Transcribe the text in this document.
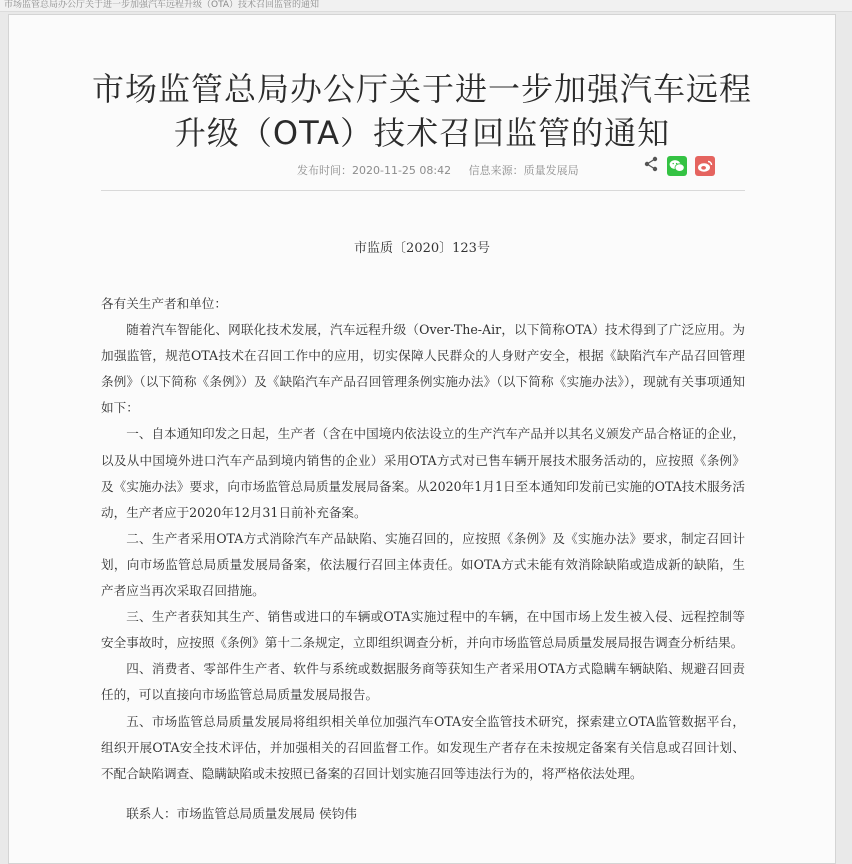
市场监管总局办公厅关于进一步加强汽车远程升级（OTA）技术召回监管的通知
市场监管总局办公厅关于进一步加强汽车远程
升级（OTA）技术召回监管的通知
发布时间：2020-11-25 08:42 信息来源：质量发展局
市监质〔2020〕123号

各有关生产者和单位：

随着汽车智能化、网联化技术发展，汽车远程升级（Over-The-Air，以下简称OTA）技术得到了广泛应用。为加强监管，规范OTA技术在召回工作中的应用，切实保障人民群众的人身财产安全，根据《缺陷汽车产品召回管理条例》（以下简称《条例》）及《缺陷汽车产品召回管理条例实施办法》（以下简称《实施办法》），现就有关事项通知如下：

一、自本通知印发之日起，生产者（含在中国境内依法设立的生产汽车产品并以其名义颁发产品合格证的企业，以及从中国境外进口汽车产品到境内销售的企业）采用OTA方式对已售车辆开展技术服务活动的，应按照《条例》及《实施办法》要求，向市场监管总局质量发展局备案。从2020年1月1日至本通知印发前已实施的OTA技术服务活动，生产者应于2020年12月31日前补充备案。

二、生产者采用OTA方式消除汽车产品缺陷、实施召回的，应按照《条例》及《实施办法》要求，制定召回计划，向市场监管总局质量发展局备案，依法履行召回主体责任。如OTA方式未能有效消除缺陷或造成新的缺陷，生产者应当再次采取召回措施。

三、生产者获知其生产、销售或进口的车辆或OTA实施过程中的车辆，在中国市场上发生被入侵、远程控制等安全事故时，应按照《条例》第十二条规定，立即组织调查分析，并向市场监管总局质量发展局报告调查分析结果。

四、消费者、零部件生产者、软件与系统或数据服务商等获知生产者采用OTA方式隐瞒车辆缺陷、规避召回责任的，可以直接向市场监管总局质量发展局报告。

五、市场监管总局质量发展局将组织相关单位加强汽车OTA安全监管技术研究，探索建立OTA监管数据平台，组织开展OTA安全技术评估，并加强相关的召回监督工作。如发现生产者存在未按规定备案有关信息或召回计划、不配合缺陷调查、隐瞒缺陷或未按照已备案的召回计划实施召回等违法行为的，将严格依法处理。

联系人：市场监管总局质量发展局 侯钧伟
